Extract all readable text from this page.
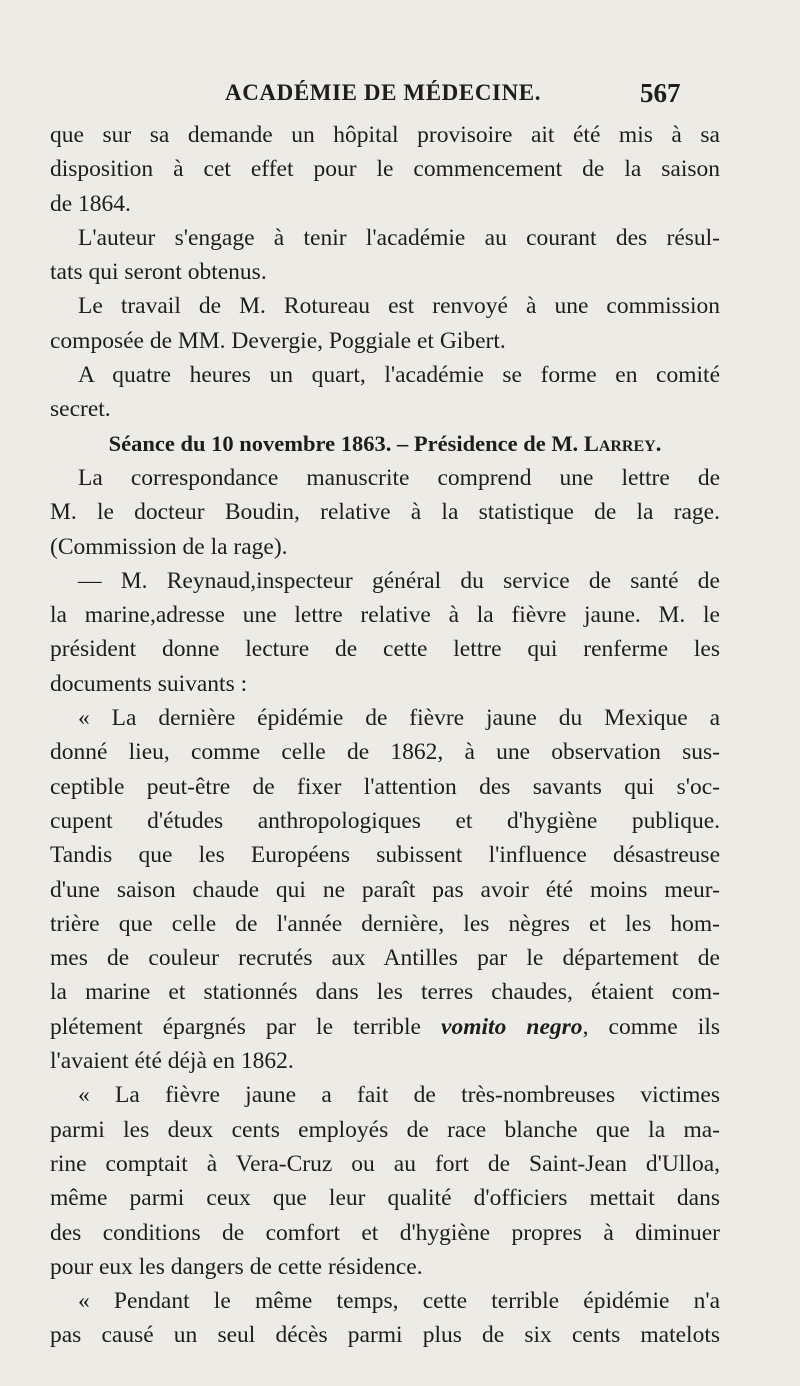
ACADÉMIE DE MÉDECINE.	567
que sur sa demande un hôpital provisoire ait été mis à sa
disposition à cet effet pour le commencement de la saison
de 1864.
L'auteur s'engage à tenir l'académie au courant des résul-
tats qui seront obtenus.
Le travail de M. Rotureau est renvoyé à une commission
composée de MM. Devergie, Poggiale et Gibert.
A quatre heures un quart, l'académie se forme en comité
secret.
Séance du 10 novembre 1863. – Présidence de M. Larrey.
La correspondance manuscrite comprend une lettre de
M. le docteur Boudin, relative à la statistique de la rage.
(Commission de la rage).
— M. Reynaud,inspecteur général du service de santé de
la marine,adresse une lettre relative à la fièvre jaune. M. le
président donne lecture de cette lettre qui renferme les
documents suivants :
« La dernière épidémie de fièvre jaune du Mexique a
donné lieu, comme celle de 1862, à une observation sus-
ceptible peut-être de fixer l'attention des savants qui s'oc-
cupent d'études anthropologiques et d'hygiène publique.
Tandis que les Européens subissent l'influence désastreuse
d'une saison chaude qui ne paraît pas avoir été moins meur-
trière que celle de l'année dernière, les nègres et les hom-
mes de couleur recrutés aux Antilles par le département de
la marine et stationnés dans les terres chaudes, étaient com-
plétement épargnés par le terrible vomito negro, comme ils
l'avaient été déjà en 1862.
« La fièvre jaune a fait de très-nombreuses victimes
parmi les deux cents employés de race blanche que la ma-
rine comptait à Vera-Cruz ou au fort de Saint-Jean d'Ulloa,
même parmi ceux que leur qualité d'officiers mettait dans
des conditions de comfort et d'hygiène propres à diminuer
pour eux les dangers de cette résidence.
« Pendant le même temps, cette terrible épidémie n'a
pas causé un seul décès parmi plus de six cents matelots
